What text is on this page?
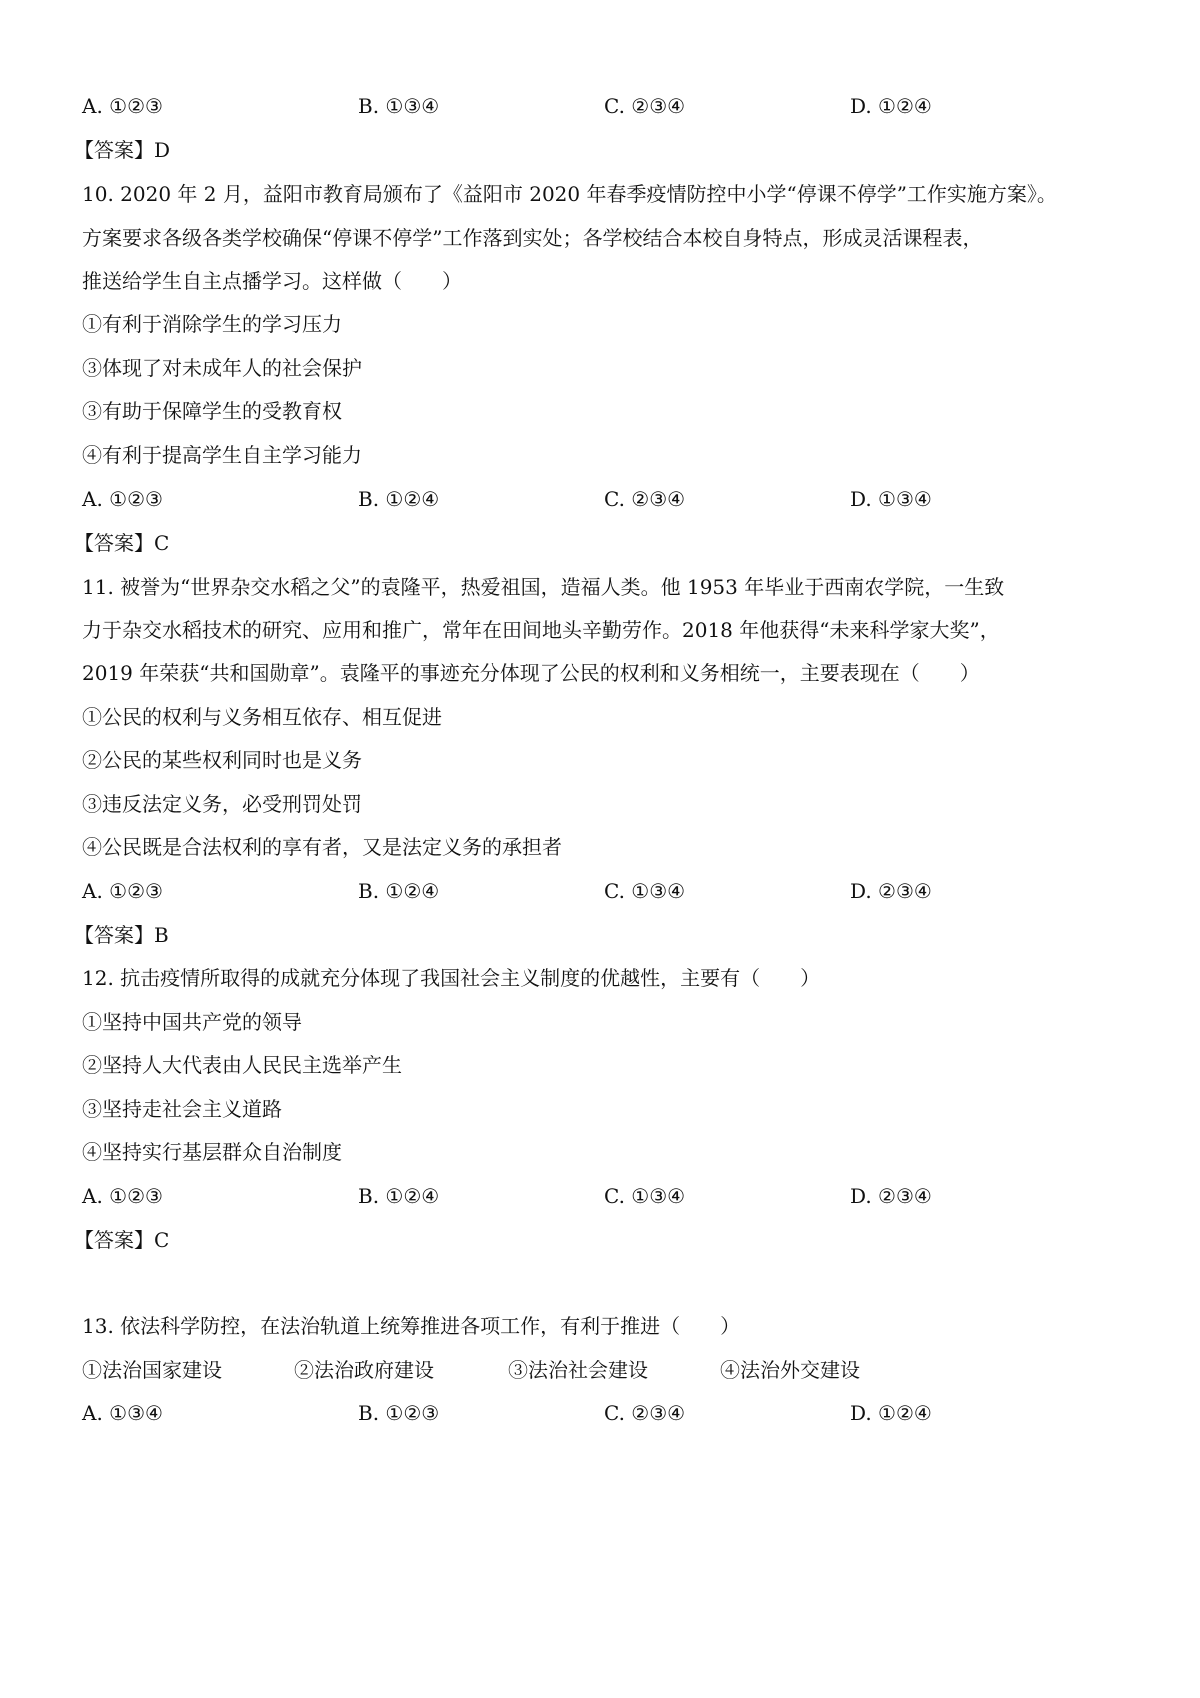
A. ①②③	B. ①③④	C. ②③④	D. ①②④
【答案】D
10. 2020 年 2 月，益阳市教育局颁布了《益阳市 2020 年春季疫情防控中小学“停课不停学”工作实施方案》。
方案要求各级各类学校确保“停课不停学”工作落到实处；各学校结合本校自身特点，形成灵活课程表，
推送给学生自主点播学习。这样做（　　）
①有利于消除学生的学习压力
③体现了对未成年人的社会保护
③有助于保障学生的受教育权
④有利于提高学生自主学习能力
A. ①②③	B. ①②④	C. ②③④	D. ①③④
【答案】C
11. 被誉为“世界杂交水稻之父”的袁隆平，热爱祖国，造福人类。他 1953 年毕业于西南农学院，一生致
力于杂交水稻技术的研究、应用和推广，常年在田间地头辛勤劳作。2018 年他获得“未来科学家大奖”，
2019 年荣获“共和国勋章”。袁隆平的事迹充分体现了公民的权利和义务相统一，主要表现在（　　）
①公民的权利与义务相互依存、相互促进
②公民的某些权利同时也是义务
③违反法定义务，必受刑罚处罚
④公民既是合法权利的享有者，又是法定义务的承担者
A. ①②③	B. ①②④	C. ①③④	D. ②③④
【答案】B
12. 抗击疫情所取得的成就充分体现了我国社会主义制度的优越性，主要有（　　）
①坚持中国共产党的领导
②坚持人大代表由人民民主选举产生
③坚持走社会主义道路
④坚持实行基层群众自治制度
A. ①②③	B. ①②④	C. ①③④	D. ②③④
【答案】C
13. 依法科学防控，在法治轨道上统筹推进各项工作，有利于推进（　　）
①法治国家建设	②法治政府建设	③法治社会建设	④法治外交建设
A. ①③④	B. ①②③	C. ②③④	D. ①②④
